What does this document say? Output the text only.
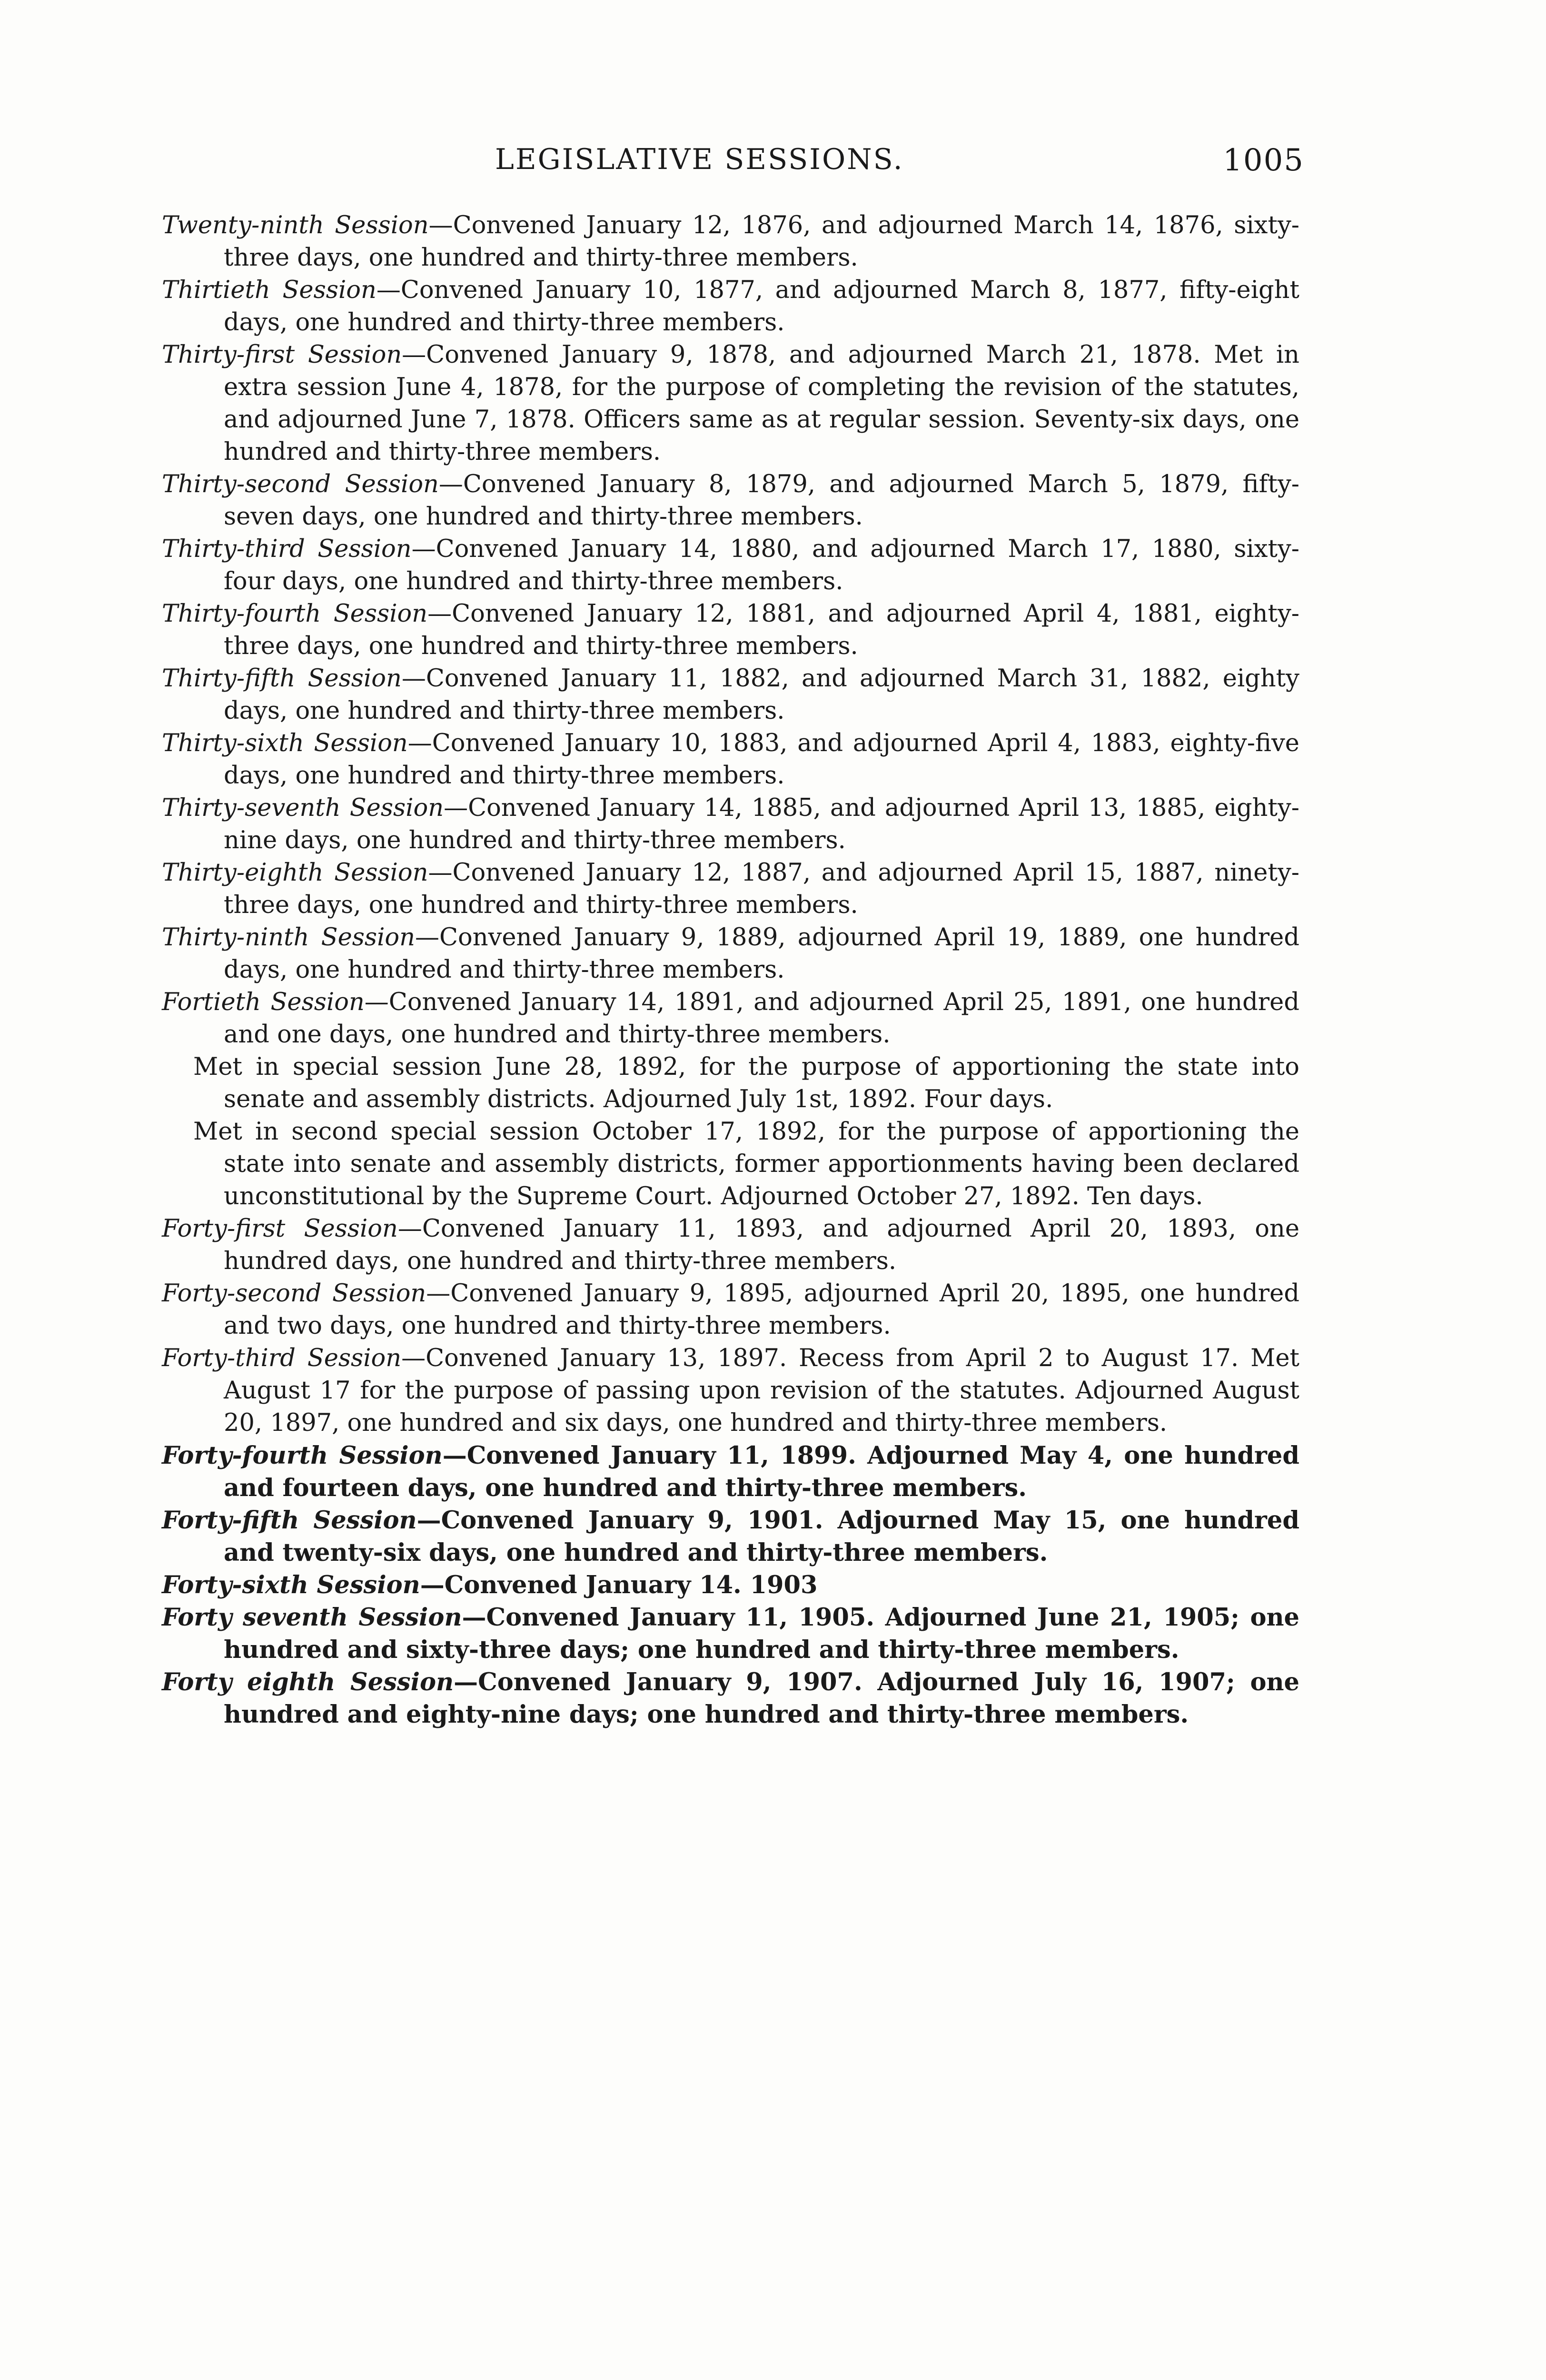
LEGISLATIVE SESSIONS.	1005

Twenty-ninth Session—Convened January 12, 1876, and adjourned March 14, 1876, sixty-three days, one hundred and thirty-three members.

Thirtieth Session—Convened January 10, 1877, and adjourned March 8, 1877, fifty-eight days, one hundred and thirty-three members.

Thirty-first Session—Convened January 9, 1878, and adjourned March 21, 1878. Met in extra session June 4, 1878, for the purpose of completing the revision of the statutes, and adjourned June 7, 1878. Officers same as at regular session. Seventy-six days, one hundred and thirty-three members.

Thirty-second Session—Convened January 8, 1879, and adjourned March 5, 1879, fifty-seven days, one hundred and thirty-three members.

Thirty-third Session—Convened January 14, 1880, and adjourned March 17, 1880, sixty-four days, one hundred and thirty-three members.

Thirty-fourth Session—Convened January 12, 1881, and adjourned April 4, 1881, eighty-three days, one hundred and thirty-three members.

Thirty-fifth Session—Convened January 11, 1882, and adjourned March 31, 1882, eighty days, one hundred and thirty-three members.

Thirty-sixth Session—Convened January 10, 1883, and adjourned April 4, 1883, eighty-five days, one hundred and thirty-three members.

Thirty-seventh Session—Convened January 14, 1885, and adjourned April 13, 1885, eighty-nine days, one hundred and thirty-three members.

Thirty-eighth Session—Convened January 12, 1887, and adjourned April 15, 1887, ninety-three days, one hundred and thirty-three members.

Thirty-ninth Session—Convened January 9, 1889, adjourned April 19, 1889, one hundred days, one hundred and thirty-three members.

Fortieth Session—Convened January 14, 1891, and adjourned April 25, 1891, one hundred and one days, one hundred and thirty-three members.

Met in special session June 28, 1892, for the purpose of apportioning the state into senate and assembly districts. Adjourned July 1st, 1892. Four days.

Met in second special session October 17, 1892, for the purpose of apportioning the state into senate and assembly districts, former apportionments having been declared unconstitutional by the Supreme Court. Adjourned October 27, 1892. Ten days.

Forty-first Session—Convened January 11, 1893, and adjourned April 20, 1893, one hundred days, one hundred and thirty-three members.

Forty-second Session—Convened January 9, 1895, adjourned April 20, 1895, one hundred and two days, one hundred and thirty-three members.

Forty-third Session—Convened January 13, 1897. Recess from April 2 to August 17. Met August 17 for the purpose of passing upon revision of the statutes. Adjourned August 20, 1897, one hundred and six days, one hundred and thirty-three members.

Forty-fourth Session—Convened January 11, 1899. Adjourned May 4, one hundred and fourteen days, one hundred and thirty-three members.

Forty-fifth Session—Convened January 9, 1901. Adjourned May 15, one hundred and twenty-six days, one hundred and thirty-three members.

Forty-sixth Session—Convened January 14. 1903

Forty seventh Session—Convened January 11, 1905. Adjourned June 21, 1905; one hundred and sixty-three days; one hundred and thirty-three members.

Forty eighth Session—Convened January 9, 1907. Adjourned July 16, 1907; one hundred and eighty-nine days; one hundred and thirty-three members.
